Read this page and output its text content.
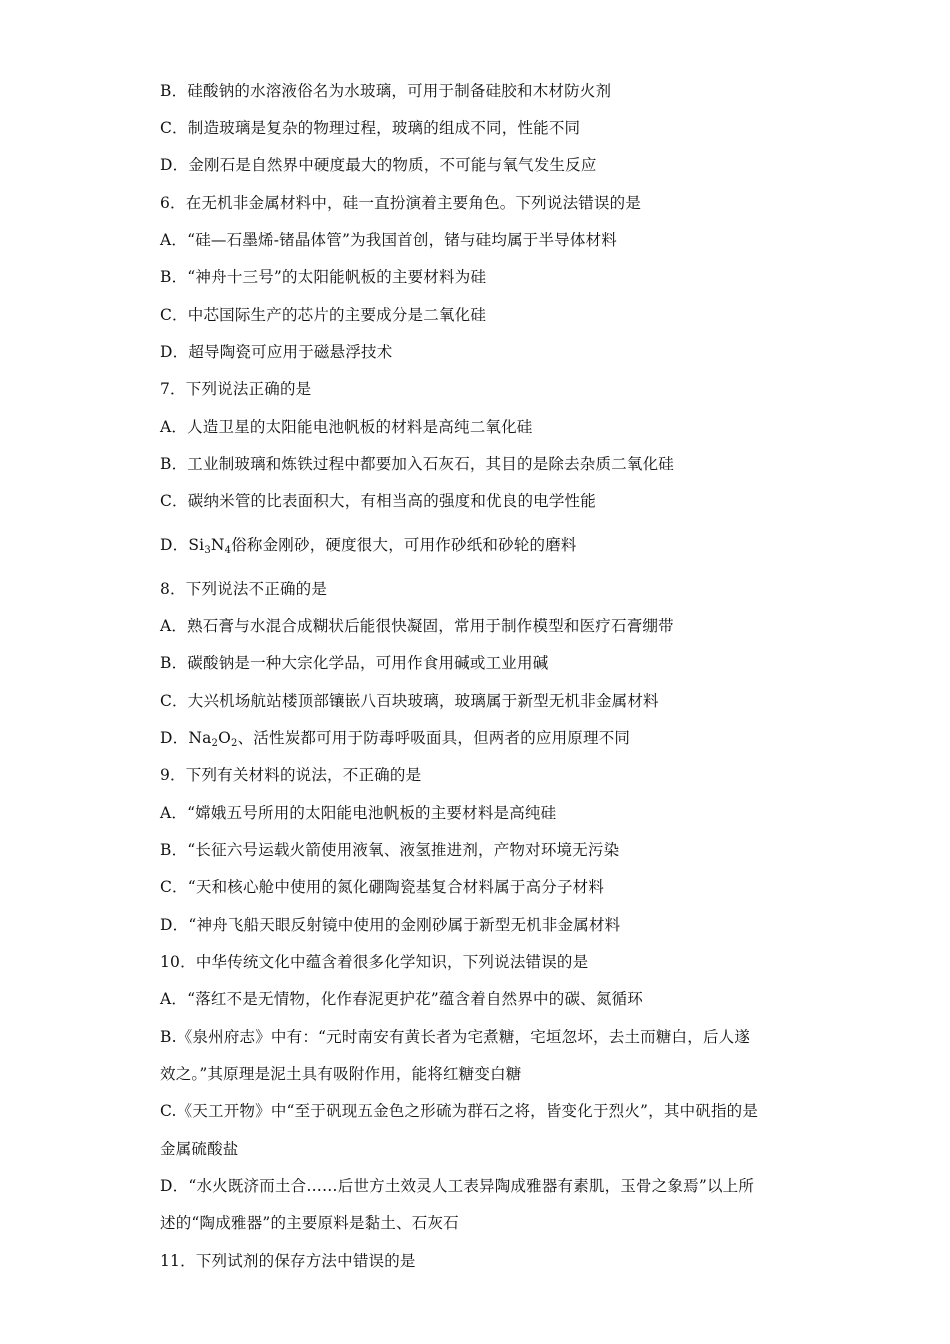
B．硅酸钠的水溶液俗名为水玻璃，可用于制备硅胶和木材防火剂
C．制造玻璃是复杂的物理过程，玻璃的组成不同，性能不同
D．金刚石是自然界中硬度最大的物质，不可能与氧气发生反应
6．在无机非金属材料中，硅一直扮演着主要角色。下列说法错误的是
A．“硅—石墨烯-锗晶体管”为我国首创，锗与硅均属于半导体材料
B．“神舟十三号”的太阳能帆板的主要材料为硅
C．中芯国际生产的芯片的主要成分是二氧化硅
D．超导陶瓷可应用于磁悬浮技术
7．下列说法正确的是
A．人造卫星的太阳能电池帆板的材料是高纯二氧化硅
B．工业制玻璃和炼铁过程中都要加入石灰石，其目的是除去杂质二氧化硅
C．碳纳米管的比表面积大，有相当高的强度和优良的电学性能
D．$Si_3N_4$俗称金刚砂，硬度很大，可用作砂纸和砂轮的磨料
8．下列说法不正确的是
A．熟石膏与水混合成糊状后能很快凝固，常用于制作模型和医疗石膏绷带
B．碳酸钠是一种大宗化学品，可用作食用碱或工业用碱
C．大兴机场航站楼顶部镶嵌八百块玻璃，玻璃属于新型无机非金属材料
D．$Na_2O_2$、活性炭都可用于防毒呼吸面具，但两者的应用原理不同
9．下列有关材料的说法，不正确的是
A．“嫦娥五号所用的太阳能电池帆板的主要材料是高纯硅
B．“长征六号运载火箭使用液氧、液氢推进剂，产物对环境无污染
C．“天和核心舱中使用的氮化硼陶瓷基复合材料属于高分子材料
D．“神舟飞船天眼反射镜中使用的金刚砂属于新型无机非金属材料
10．中华传统文化中蕴含着很多化学知识，下列说法错误的是
A．“落红不是无情物，化作春泥更护花”蕴含着自然界中的碳、氮循环
B.《泉州府志》中有：“元时南安有黄长者为宅煮糖，宅垣忽坏，去土而糖白，后人遂
效之。”其原理是泥土具有吸附作用，能将红糖变白糖
C.《天工开物》中“至于矾现五金色之形硫为群石之将，皆变化于烈火”，其中矾指的是
金属硫酸盐
D．“水火既济而土合……后世方土效灵人工表异陶成雅器有素肌，玉骨之象焉”以上所
述的“陶成雅器”的主要原料是黏土、石灰石
11．下列试剂的保存方法中错误的是
